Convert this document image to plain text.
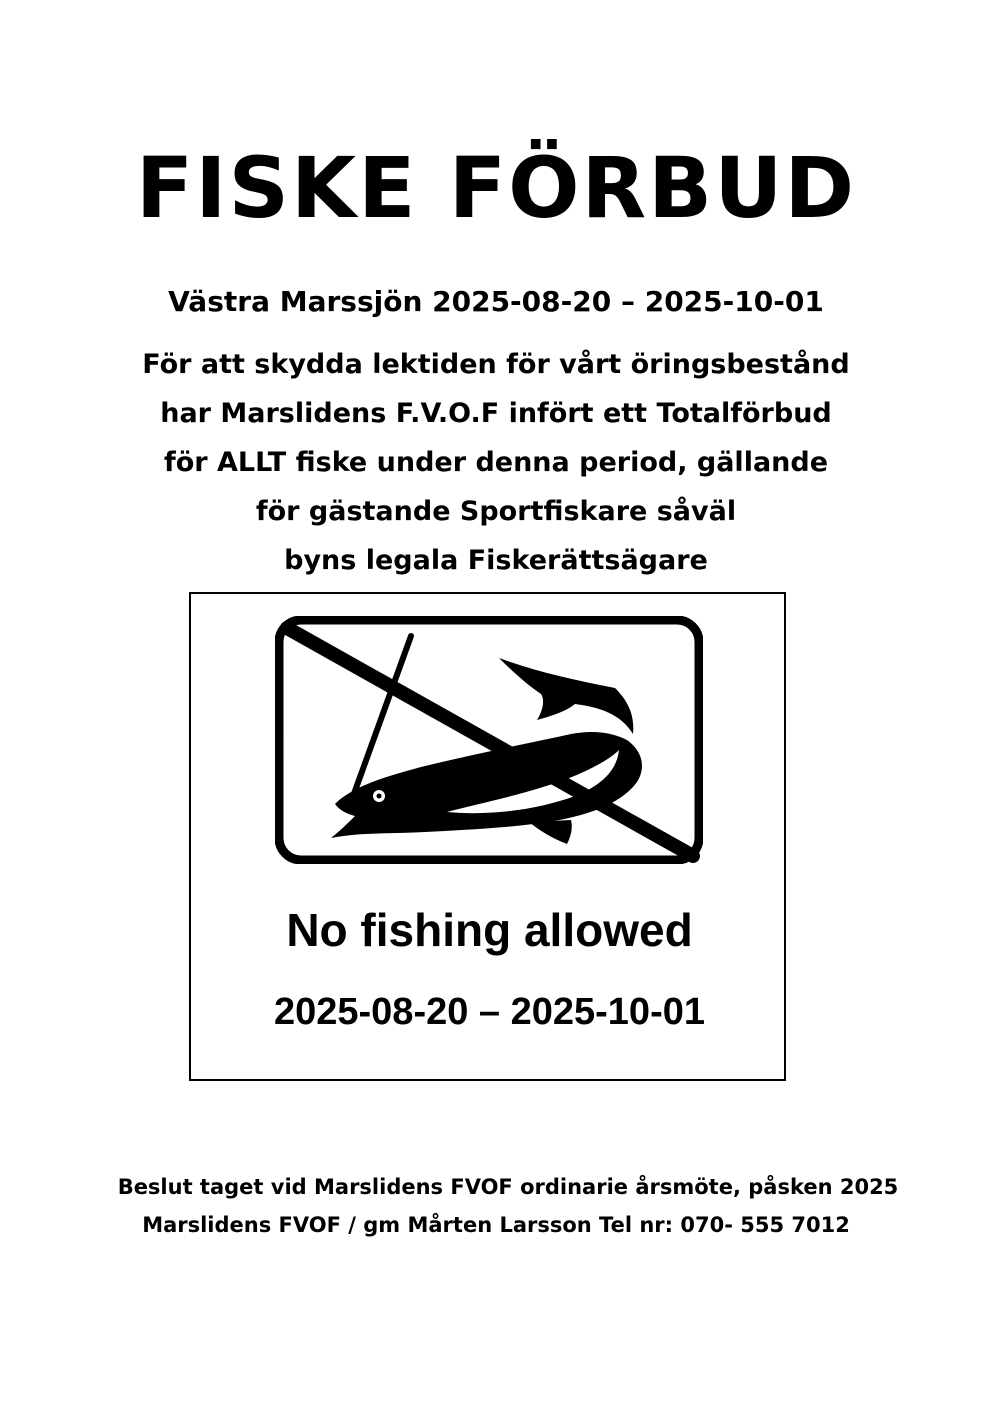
FISKE FÖRBUD

Västra Marssjön 2025-08-20 – 2025-10-01

För att skydda lektiden för vårt öringsbestånd
har Marslidens F.V.O.F infört ett Totalförbud
för ALLT fiske under denna period, gällande
för gästande Sportfiskare såväl
byns legala Fiskerättsägare

No fishing allowed

2025-08-20 – 2025-10-01

Beslut taget vid Marslidens FVOF ordinarie årsmöte, påsken 2025

Marslidens FVOF / gm Mårten Larsson Tel nr: 070- 555 7012
